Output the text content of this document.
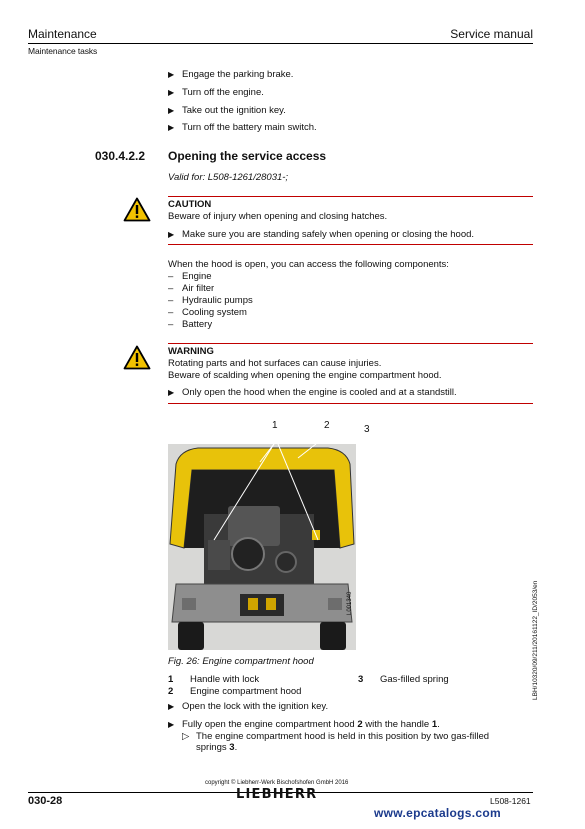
Maintenance	Service manual
Maintenance tasks
▶ Engage the parking brake.
▶ Turn off the engine.
▶ Take out the ignition key.
▶ Turn off the battery main switch.
030.4.2.2 Opening the service access
Valid for: L508-1261/28031-;
CAUTION
Beware of injury when opening and closing hatches.
▶ Make sure you are standing safely when opening or closing the hood.
When the hood is open, you can access the following components:
– Engine
– Air filter
– Hydraulic pumps
– Cooling system
– Battery
WARNING
Rotating parts and hot surfaces can cause injuries.
Beware of scalding when opening the engine compartment hood.
▶ Only open the hood when the engine is cooled and at a standstill.
1	2	3
L001340
Fig. 26: Engine compartment hood
1	Handle with lock	3	Gas-filled spring
2	Engine compartment hood	LBH/10320/09/211/20161122_ID/2053/en
▶ Open the lock with the ignition key.
▶ Fully open the engine compartment hood 2 with the handle 1.
▷ The engine compartment hood is held in this position by two gas-filled
springs 3.
copyright © Liebherr-Werk Bischofshofen GmbH 2016
030-28	LIEBHERR	L508-1261
www.epcatalogs.com
